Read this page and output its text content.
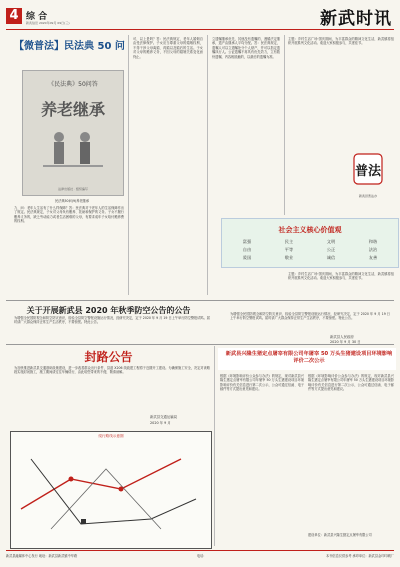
4 综 合
新武信息 2020年09月 09日(三)	新武时讯
【微普法】民法典 50 问
《民法典》50问答
养老继承
法律出版社 · 组织编写
民法典50问(9)养老继承
九、问：老年人生活有了什么样保障？答：民法典对于老年人的生活保障作出了规定。民法典规定，子女对父母负有赡养、扶助和保护的义务。子女不履行赡养义务的，缺乏劳动能力或者生活困难的父母，有要求成年子女给付赡养费的权利。
可，以上是吗？答：民法典规定，老年人婚姻自由受法律保护。子女应当尊重父母的婚姻权利，不得干涉父母离婚、再婚以及婚后的生活。子女对父母的赡养义务，不因父母的婚姻关系变化而终止。
立遗嘱继承优先，其他没有遗嘱的，遵循法定继承，遗产由继承人平均分配。答：民法典规定，遗嘱人可以立遗嘱处分个人财产，并可以指定遗嘱执行人。公证遗嘱不再具有优先效力，立有数份遗嘱，内容相抵触的，以最后的遗嘱为准。
主题：乡村生活广场·国庆期间，为丰富群众的精神文化生活，新武镇将组织开展系列文化活动。欢迎大家积极参与，共度佳节。
普法
新武县普法办
社会主义核心价值观
富强	民主	文明	和谐
自由	平等	公正	法治
爱国	敬业	诚信	友善
主题：乡村生活广场·国庆期间，为丰富群众的精神文化生活，新武镇将组织开展系列文化活动。欢迎大家积极参与，共度佳节。
关于开展新武县 2020 年秋季防空公告的公告
为增强全民国防观念和防空防灾意识，检验全县防空警报设施运行情况，经研究决定，定于 2020 年 9 月 19 日上午举行防空警报试鸣。届时请广大群众保持正常生产生活秩序，不要惊慌。特此公告。
为增强全民国防观念和防空防灾意识，检验全县防空警报设施运行情况，经研究决定，定于 2020 年 9 月 19 日上午举行防空警报试鸣。届时请广大群众保持正常生产生活秩序，不要惊慌。特此公告。
新武县人民政府
2020 年 9 月 30 日
封路公告
为加快推进新武县交通基础设施建设，进一步改善群众出行条件，县道 X206 线改建工程将于近期开工建设。为确保施工安全，决定对该路段实施封闭施工，施工期间请过往车辆绕行，由此给您带来的不便，敬请谅解。
新武县交通运输局
2020 年 9 月
绕行路线示意图
新武县兴隆生猪定点屠宰有限公司年屠宰 50 万头生猪建设项目环境影响评价二次公示
根据《环境影响评价公众参与办法》的规定，现对新武县兴隆生猪定点屠宰有限公司年屠宰 50 万头生猪建设项目环境影响评价有关信息进行第二次公示，公众可通过信函、电子邮件等方式提出意见和建议。
根据《环境影响评价公众参与办法》的规定，现对新武县兴隆生猪定点屠宰有限公司年屠宰 50 万头生猪建设项目环境影响评价有关信息进行第二次公示，公众可通过信函、电子邮件等方式提出意见和建议。
建设单位：新武县兴隆生猪定点屠宰有限公司
新武县融媒体中心发行 地址：新武县新武镇中华路	电话：	本刊信息仅供参考 承印单位：新武县金印印刷厂
